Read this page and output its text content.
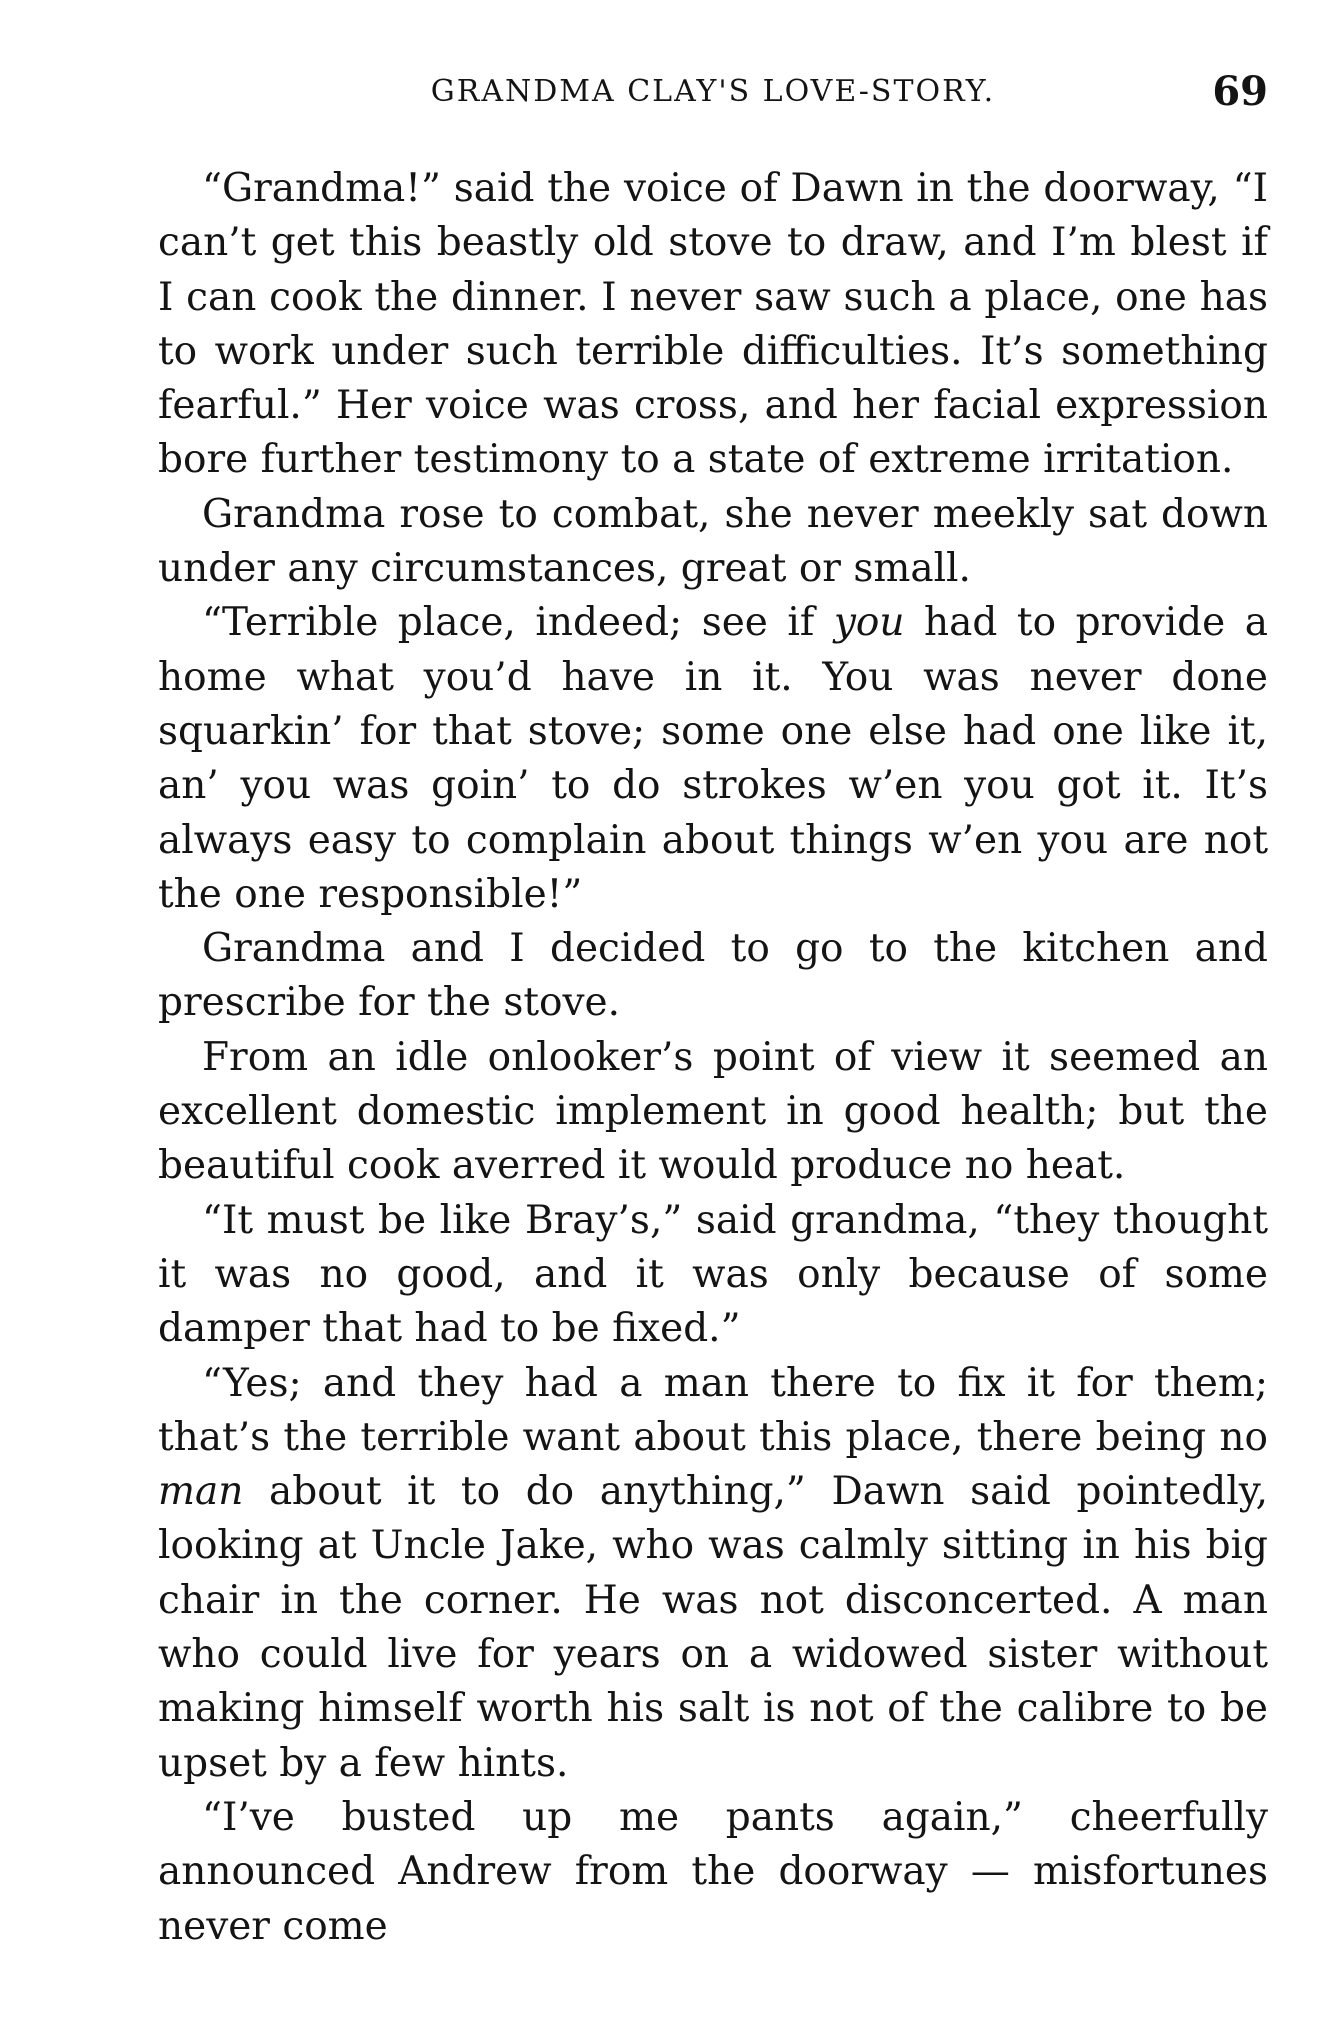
GRANDMA CLAY'S LOVE-STORY.	69

“Grandma!” said the voice of Dawn in the doorway, “I can’t get this beastly old stove to draw, and I’m blest if I can cook the dinner. I never saw such a place, one has to work under such terrible difficulties. It’s something fearful.” Her voice was cross, and her facial expression bore further testimony to a state of extreme irritation.

Grandma rose to combat, she never meekly sat down under any circumstances, great or small.

“Terrible place, indeed; see if you had to provide a home what you’d have in it. You was never done squarkin’ for that stove; some one else had one like it, an’ you was goin’ to do strokes w’en you got it. It’s always easy to complain about things w’en you are not the one responsible!”

Grandma and I decided to go to the kitchen and prescribe for the stove.

From an idle onlooker’s point of view it seemed an excellent domestic implement in good health; but the beautiful cook averred it would produce no heat.

“It must be like Bray’s,” said grandma, “they thought it was no good, and it was only because of some damper that had to be fixed.”

“Yes; and they had a man there to fix it for them; that’s the terrible want about this place, there being no man about it to do anything,” Dawn said pointedly, looking at Uncle Jake, who was calmly sitting in his big chair in the corner. He was not disconcerted. A man who could live for years on a widowed sister without making himself worth his salt is not of the calibre to be upset by a few hints.

“I’ve busted up me pants again,” cheerfully announced Andrew from the doorway — misfortunes never come
